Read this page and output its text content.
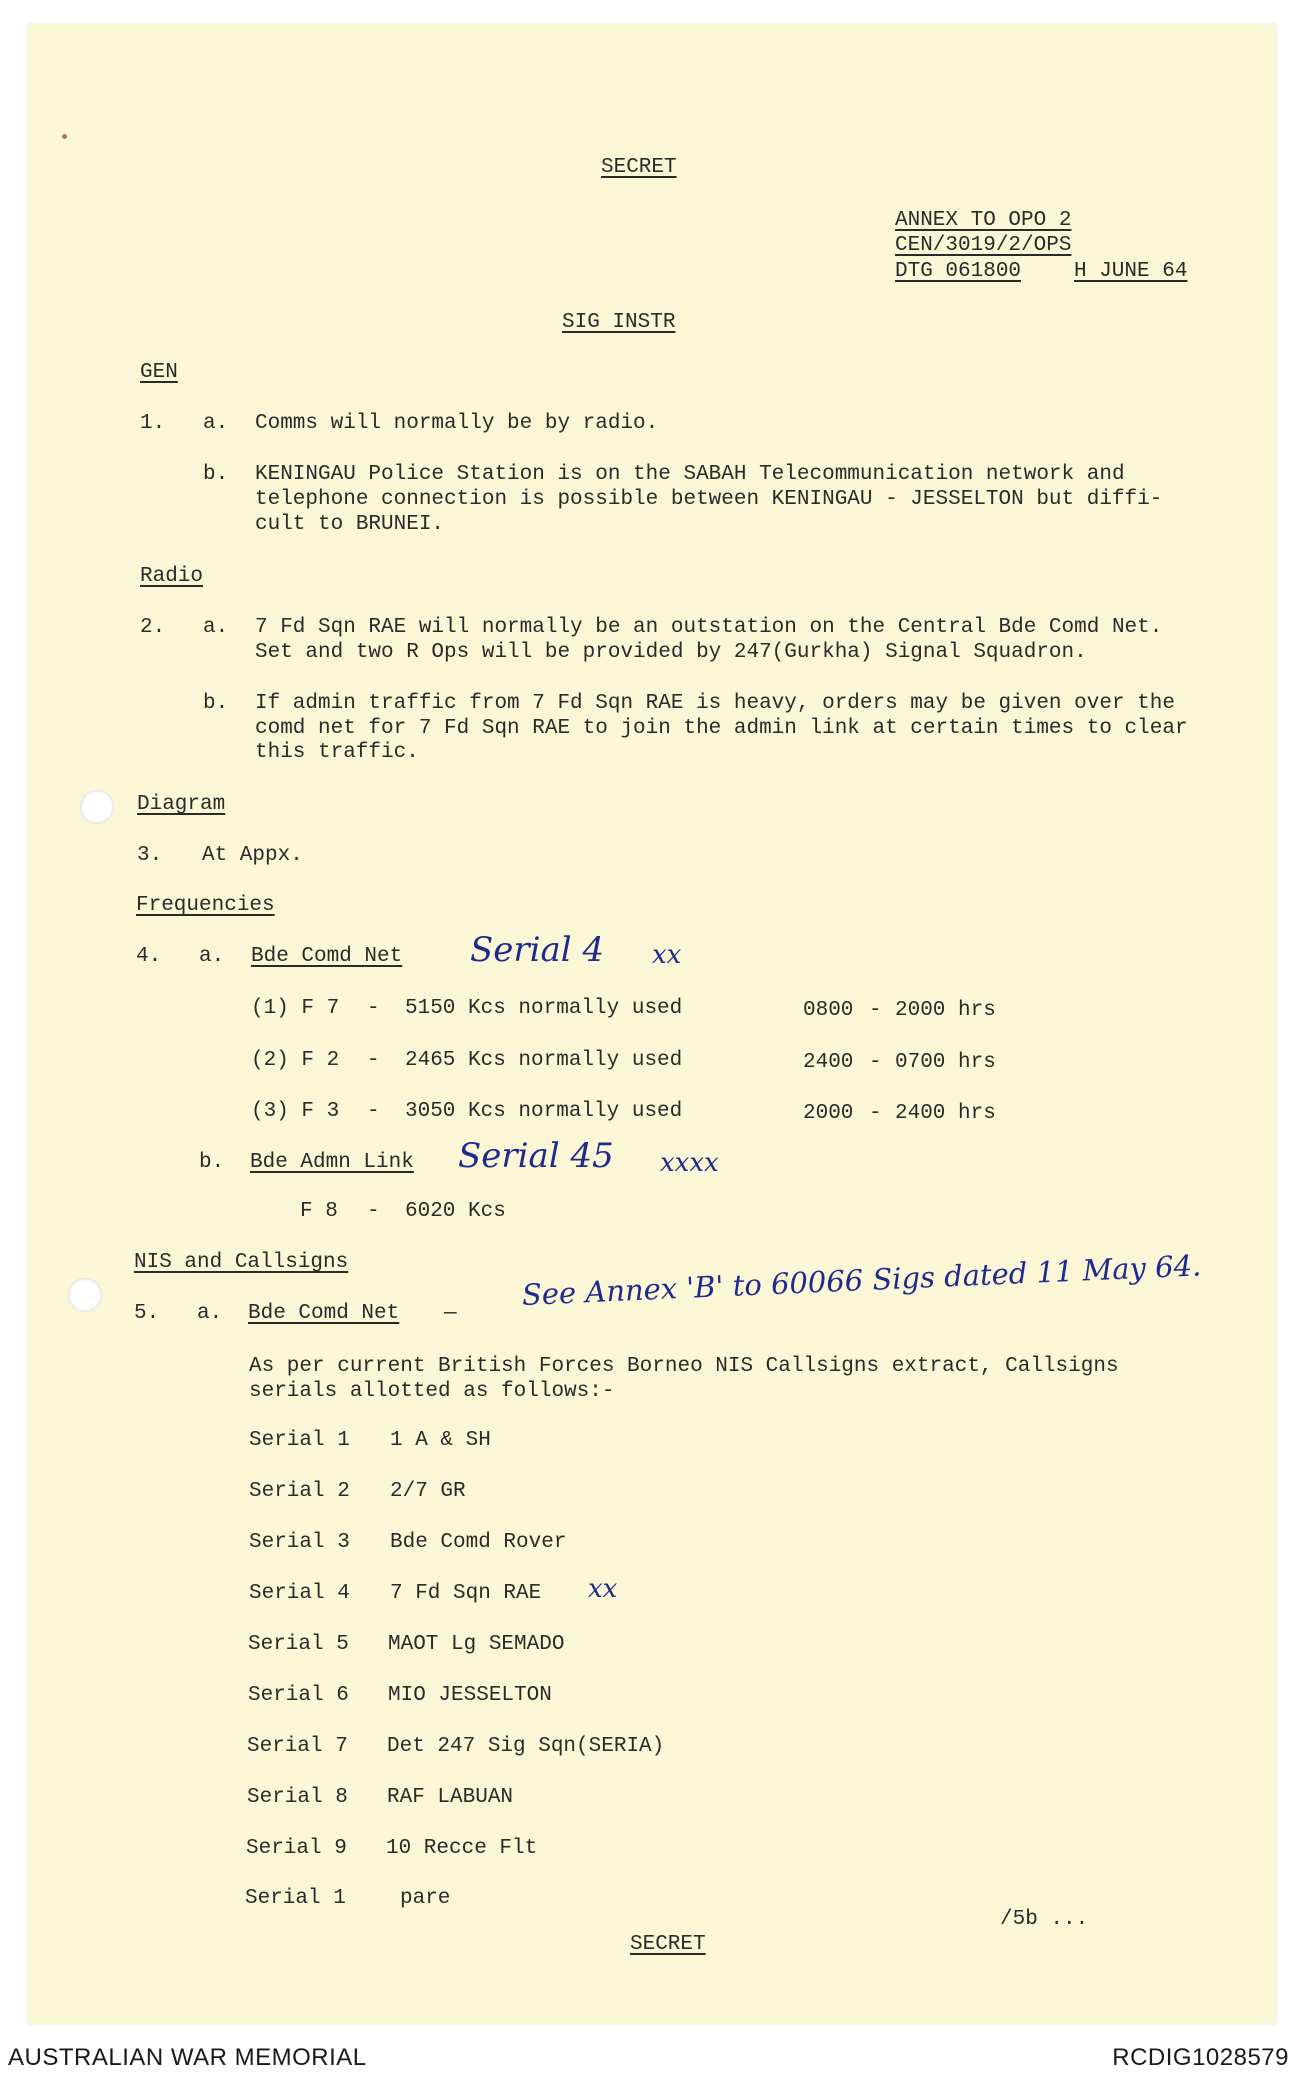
SECRET
ANNEX TO OPO 2
CEN/3019/2/OPS
DTG 061800	H JUNE 64
SIG INSTR
GEN
1. a. Comms will normally be by radio.
b. KENINGAU Police Station is on the SABAH Telecommunication network and
telephone connection is possible between KENINGAU - JESSELTON but diffi-
cult to BRUNEI.
Radio
2. a. 7 Fd Sqn RAE will normally be an outstation on the Central Bde Comd Net.
Set and two R Ops will be provided by 247(Gurkha) Signal Squadron.
b. If admin traffic from 7 Fd Sqn RAE is heavy, orders may be given over the
comd net for 7 Fd Sqn RAE to join the admin link at certain times to clear
this traffic.
Diagram
3. At Appx.
Frequencies
4. a. Bde Comd Net Serial 4 xx
(1) F 7 - 5150 Kcs normally used	0800 - 2000 hrs
(2) F 2 - 2465 Kcs normally used	2400 - 0700 hrs
(3) F 3 - 3050 Kcs normally used	2000 - 2400 hrs
b. Bde Admn Link Serial 45 xxxx
F 8 - 6020 Kcs
NIS and Callsigns
5. a. Bde Comd Net —
See Annex 'B' to 60066 Sigs dated 11 May 64.
As per current British Forces Borneo NIS Callsigns extract, Callsigns
serials allotted as follows:-
Serial 1 1 A & SH
Serial 2 2/7 GR
Serial 3 Bde Comd Rover
Serial 4 7 Fd Sqn RAE xx
Serial 5 MAOT Lg SEMADO
Serial 6 MIO JESSELTON
Serial 7 Det 247 Sig Sqn(SERIA)
Serial 8 RAF LABUAN
Serial 9 10 Recce Flt
Serial 1	pare
/5b ...
SECRET
AUSTRALIAN WAR MEMORIAL	RCDIG1028579
